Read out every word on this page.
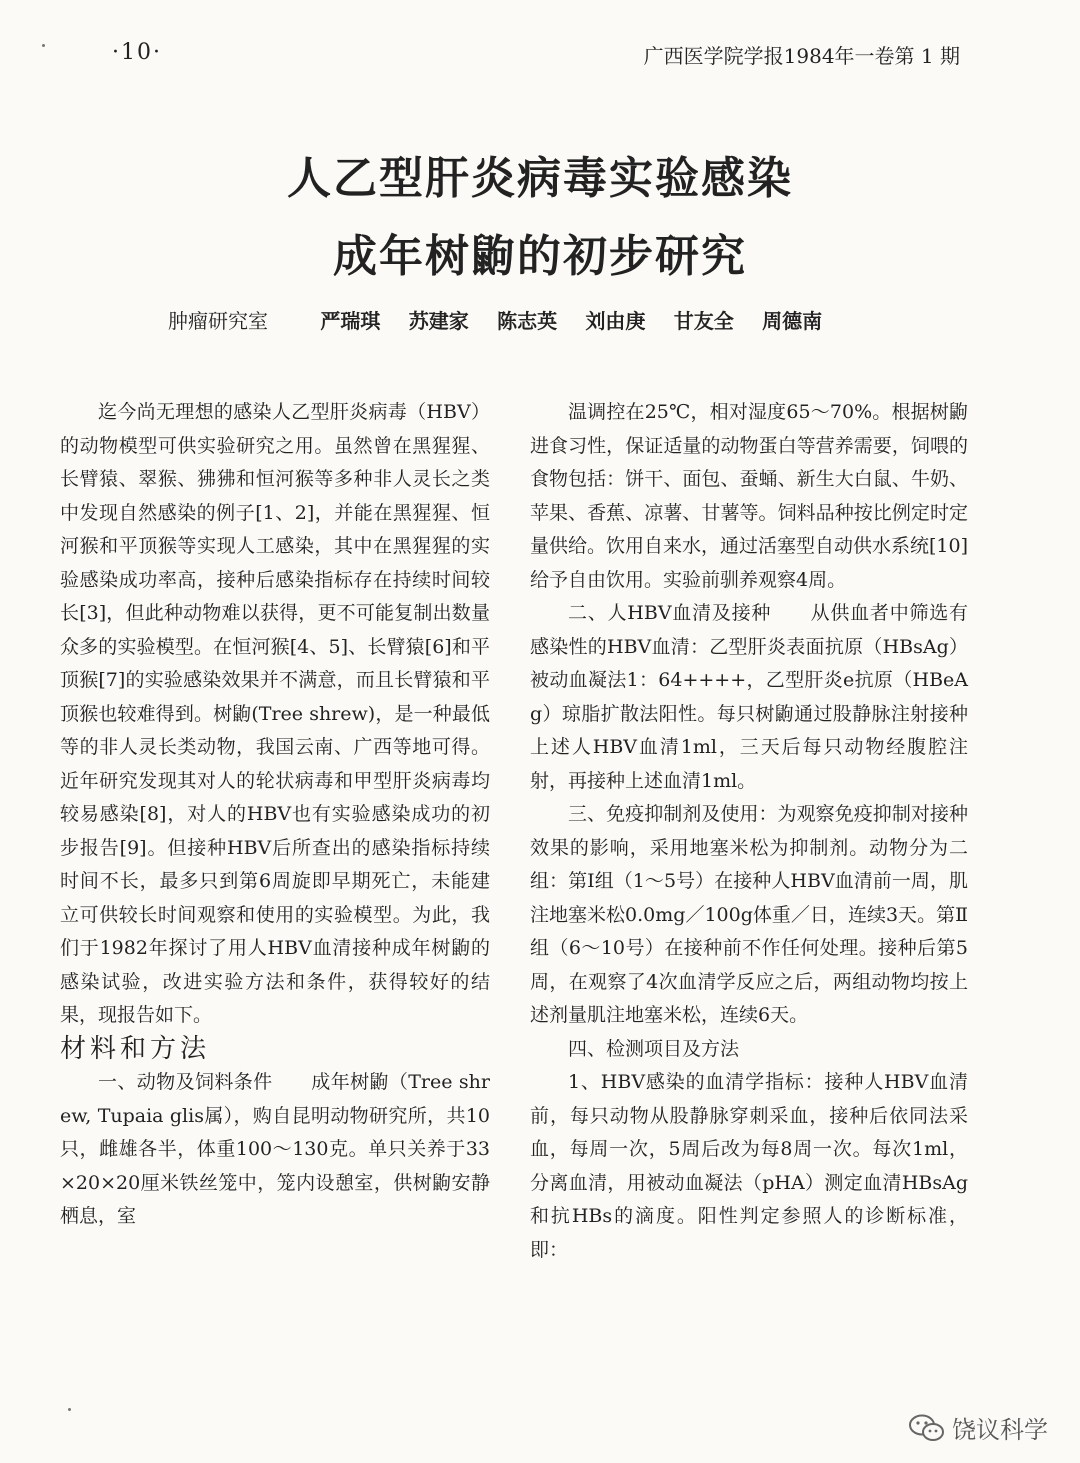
·10·	广西医学院学报1984年一卷第 1 期
人乙型肝炎病毒实验感染
成年树鼩的初步研究
肿瘤研究室	严瑞琪 苏建家 陈志英 刘由庚 甘友全 周德南

迄今尚无理想的感染人乙型肝炎病毒（HBV）的动物模型可供实验研究之用。虽然曾在黑猩猩、长臂猿、翠猴、狒狒和恒河猴等多种非人灵长之类中发现自然感染的例子[1、2]，并能在黑猩猩、恒河猴和平顶猴等实现人工感染，其中在黑猩猩的实验感染成功率高，接种后感染指标存在持续时间较长[3]，但此种动物难以获得，更不可能复制出数量众多的实验模型。在恒河猴[4、5]、长臂猿[6]和平顶猴[7]的实验感染效果并不满意，而且长臂猿和平顶猴也较难得到。树鼩(Tree shrew)，是一种最低等的非人灵长类动物，我国云南、广西等地可得。近年研究发现其对人的轮状病毒和甲型肝炎病毒均较易感染[8]，对人的HBV也有实验感染成功的初步报告[9]。但接种HBV后所查出的感染指标持续时间不长，最多只到第6周旋即早期死亡，未能建立可供较长时间观察和使用的实验模型。为此，我们于1982年探讨了用人HBV血清接种成年树鼩的感染试验，改进实验方法和条件，获得较好的结果，现报告如下。

材料和方法

一、动物及饲料条件　　成年树鼩（Tree shrew, Tupaia glis属），购自昆明动物研究所，共10只，雌雄各半，体重100～130克。单只关养于33×20×20厘米铁丝笼中，笼内设憩室，供树鼩安静栖息，室

温调控在25℃，相对湿度65～70%。根据树鼩进食习性，保证适量的动物蛋白等营养需要，饲喂的食物包括：饼干、面包、蚕蛹、新生大白鼠、牛奶、苹果、香蕉、凉薯、甘薯等。饲料品种按比例定时定量供给。饮用自来水，通过活塞型自动供水系统[10]给予自由饮用。实验前驯养观察4周。

二、人HBV血清及接种　　从供血者中筛选有感染性的HBV血清：乙型肝炎表面抗原（HBsAg）被动血凝法1：64++++，乙型肝炎e抗原（HBeAg）琼脂扩散法阳性。每只树鼩通过股静脉注射接种上述人HBV血清1ml，三天后每只动物经腹腔注射，再接种上述血清1ml。

三、免疫抑制剂及使用：为观察免疫抑制对接种效果的影响，采用地塞米松为抑制剂。动物分为二组：第Ⅰ组（1～5号）在接种人HBV血清前一周，肌注地塞米松0.0mg／100g体重／日，连续3天。第Ⅱ组（6～10号）在接种前不作任何处理。接种后第5周，在观察了4次血清学反应之后，两组动物均按上述剂量肌注地塞米松，连续6天。

四、检测项目及方法

1、HBV感染的血清学指标：接种人HBV血清前，每只动物从股静脉穿刺采血，接种后依同法采血，每周一次，5周后改为每8周一次。每次1ml，分离血清，用被动血凝法（pHA）测定血清HBsAg和抗HBs的滴度。阳性判定参照人的诊断标准，即：

饶议科学
